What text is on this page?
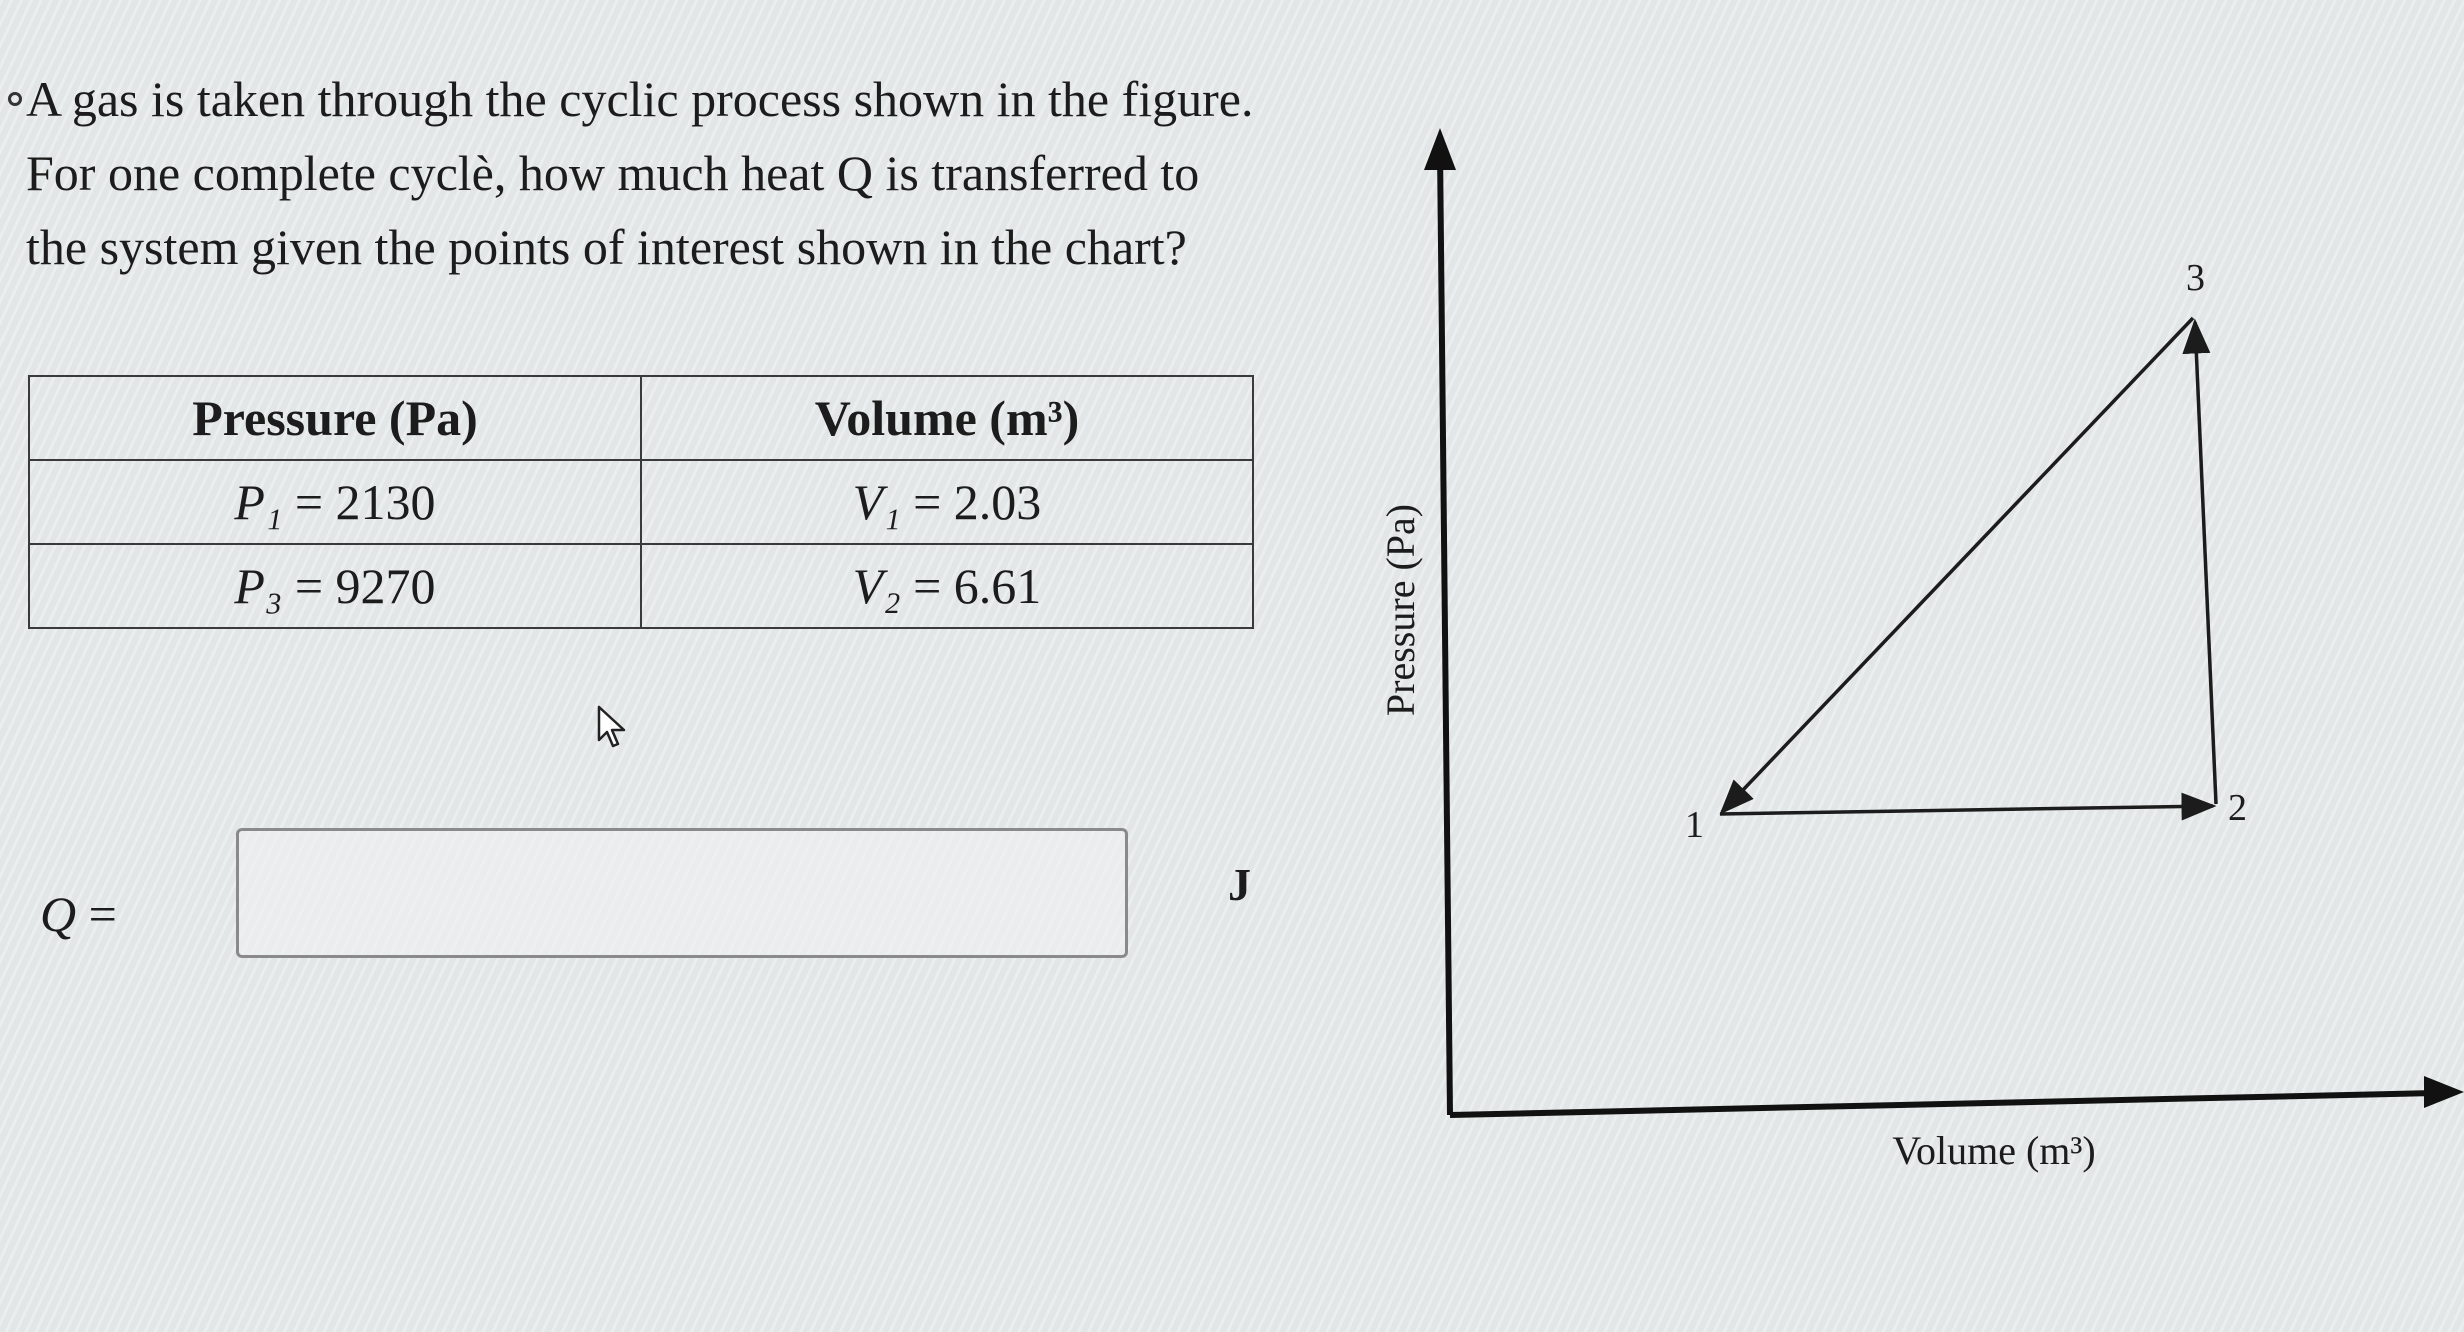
A gas is taken through the cyclic process shown in the figure.

For one complete cyclè, how much heat Q is transferred to

the system given the points of interest shown in the chart?

Pressure (Pa)	Volume (m³)
P₁ = 2130	V₁ = 2.03
P₃ = 9270	V₂ = 6.61
Q =
J
Pressure (Pa)
Volume (m³)
1	2
3
